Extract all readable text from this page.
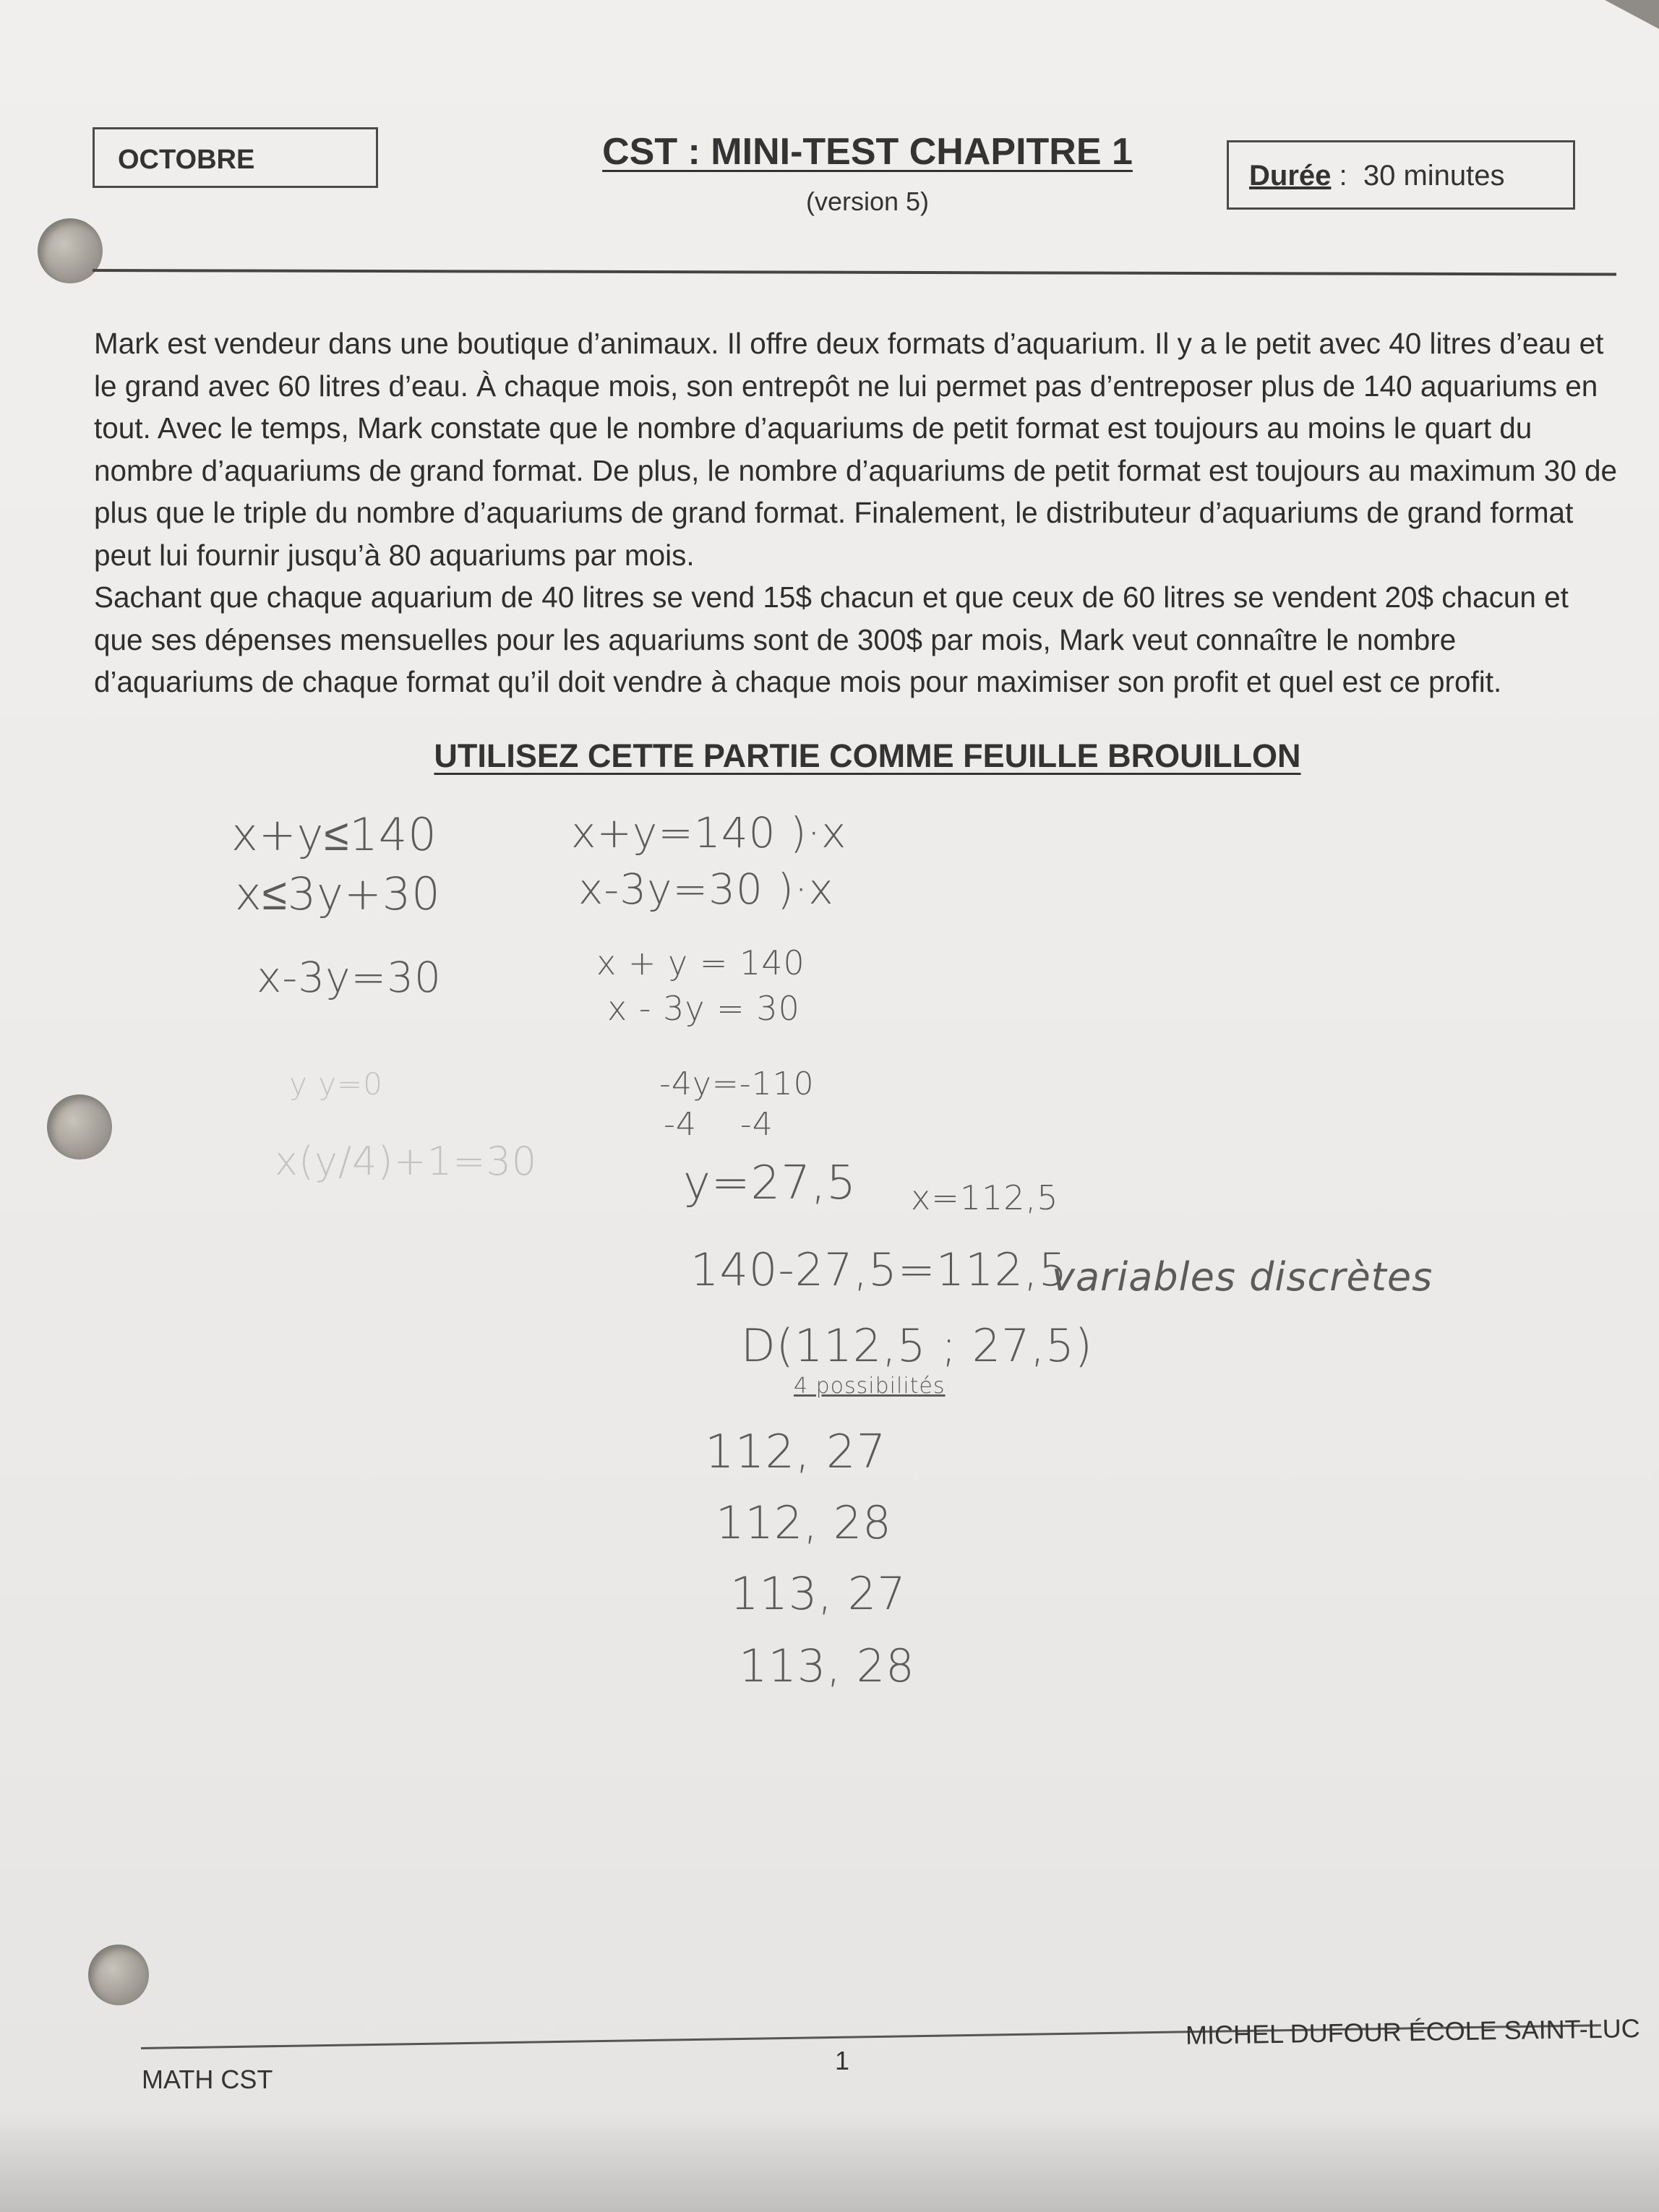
OCTOBRE	CST : MINI-TEST CHAPITRE 1
(version 5)
Durée :  30 minutes

Mark est vendeur dans une boutique d’animaux. Il offre deux formats d’aquarium. Il y a le petit avec 40 litres d’eau et le grand avec 60 litres d’eau. À chaque mois, son entrepôt ne lui permet pas d’entreposer plus de 140 aquariums en tout. Avec le temps, Mark constate que le nombre d’aquariums de petit format est toujours au moins le quart du nombre d’aquariums de grand format. De plus, le nombre d’aquariums de petit format est toujours au maximum 30 de plus que le triple du nombre d’aquariums de grand format. Finalement, le distributeur d’aquariums de grand format peut lui fournir jusqu’à 80 aquariums par mois.

Sachant que chaque aquarium de 40 litres se vend 15$ chacun et que ceux de 60 litres se vendent 20$ chacun et que ses dépenses mensuelles pour les aquariums sont de 300$ par mois, Mark veut connaître le nombre d’aquariums de chaque format qu’il doit vendre à chaque mois pour maximiser son profit et quel est ce profit.

UTILISEZ CETTE PARTIE COMME FEUILLE BROUILLON
x+y≤140
x≤3y+30
x-3y=30
y y=0
x(y/4)+1=30
x+y=140 )·x
x-3y=30 )·x
x + y = 140
x - 3y = 30
-4y=-110
-4    -4
y=27,5 x=112,5
140-27,5=112,5
variables discrètes
D(112,5 ; 27,5)
4 possibilités
112, 27
112, 28
113, 27
113, 28
MATH CST
1
MICHEL DUFOUR ÉCOLE SAINT-LUC
